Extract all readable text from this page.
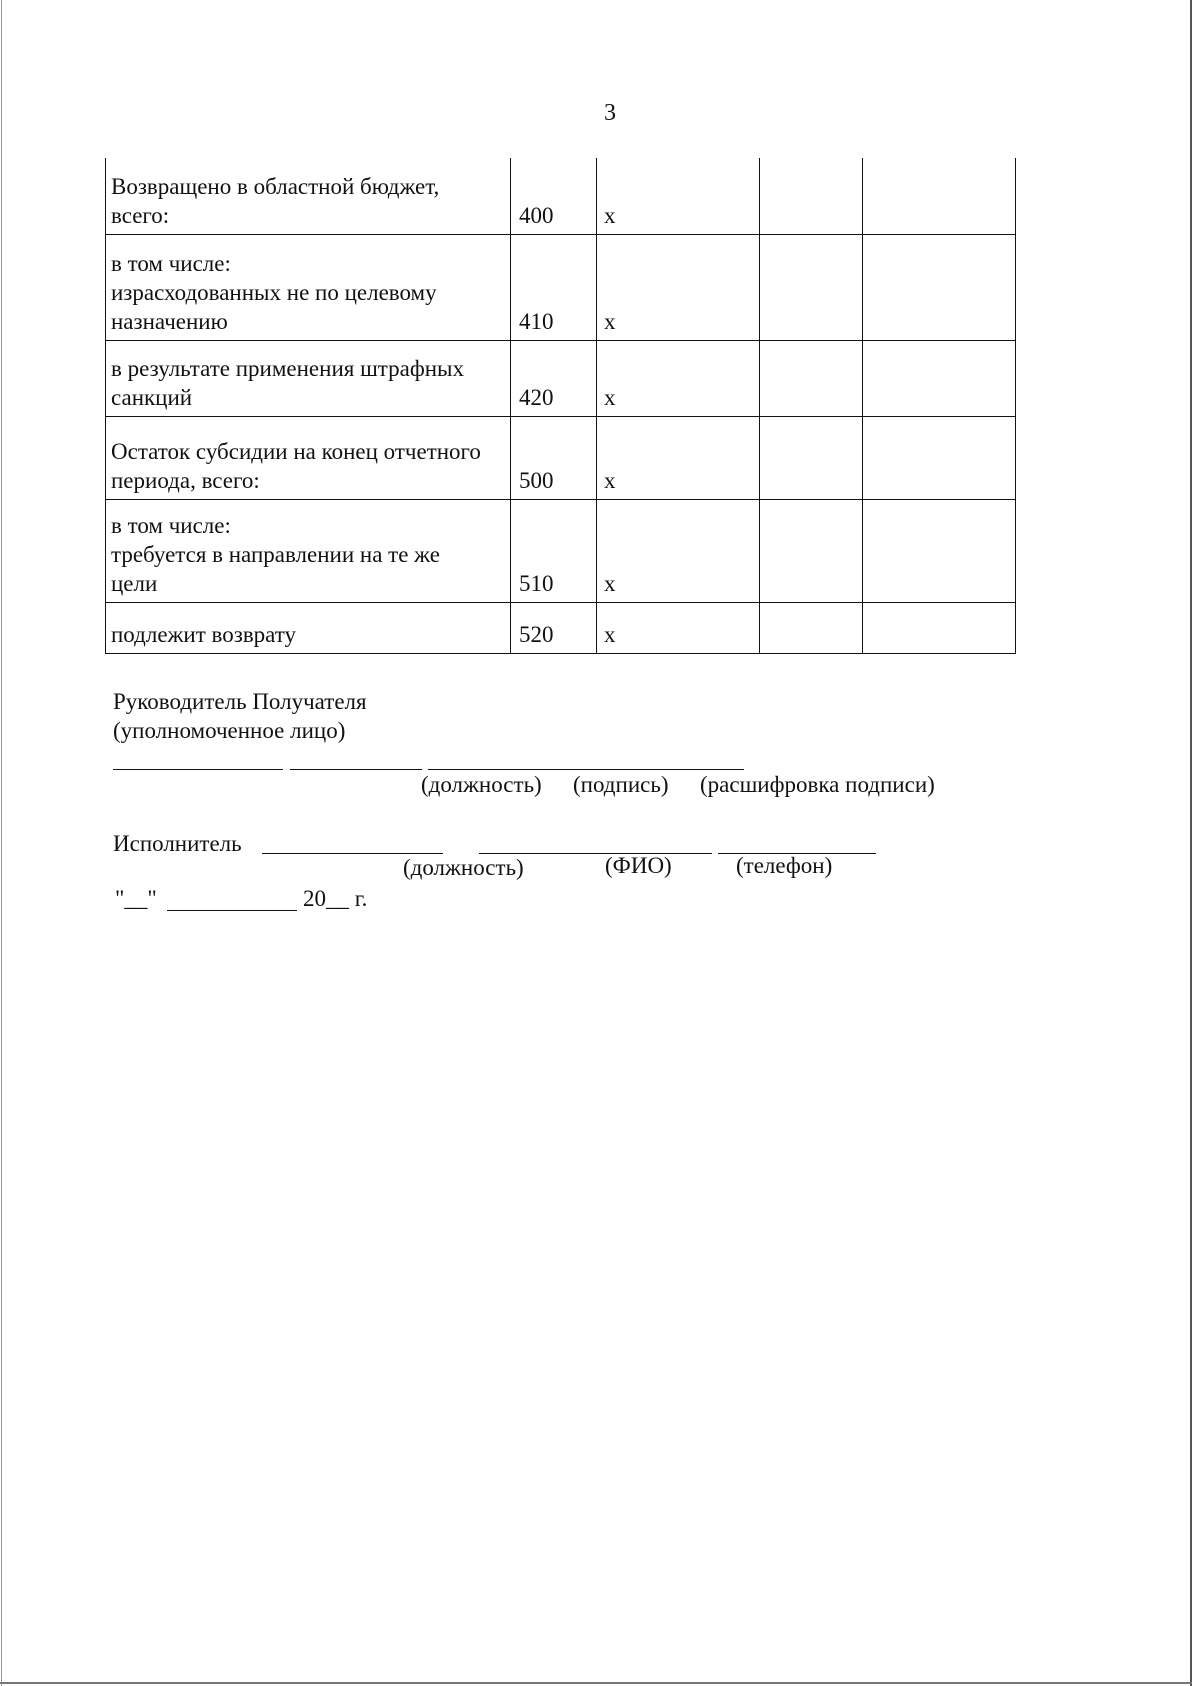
3
Возвращено в областной бюджет,
всего:	400	x		
в том числе:
израсходованных не по целевому
назначению	410	x		
в результате применения штрафных
санкций	420	x		
Остаток субсидии на конец отчетного
периода, всего:	500	x		
в том числе:
требуется в направлении на те же
цели	510	x		
подлежит возврату	520	x		
Руководитель Получателя
(уполномоченное лицо)
(должность) (подпись) (расшифровка подписи)
Исполнитель
(должность)	(ФИО)	(телефон)
"__"	20__ г.
